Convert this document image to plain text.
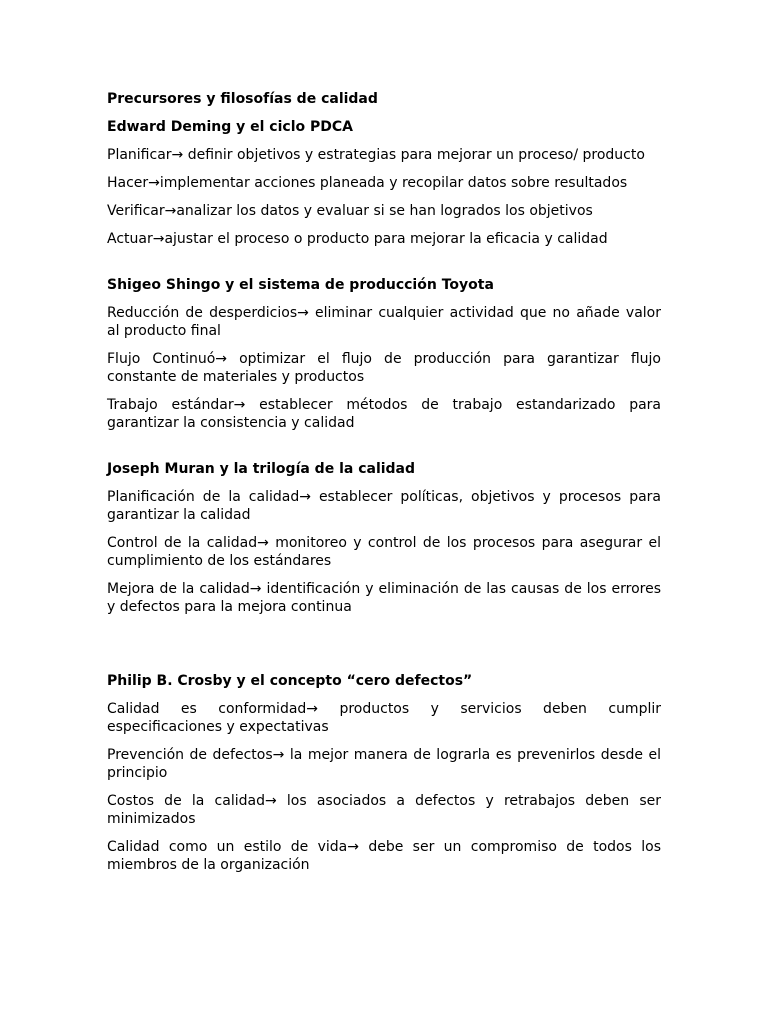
Precursores y filosofías de calidad
Edward Deming y el ciclo PDCA
Planificar→ definir objetivos y estrategias para mejorar un proceso/ producto
Hacer→implementar acciones planeada y recopilar datos sobre resultados
Verificar→analizar los datos y evaluar si se han logrados los objetivos
Actuar→ajustar el proceso o producto para mejorar la eficacia y calidad
Shigeo Shingo y el sistema de producción Toyota
Reducción de desperdicios→ eliminar cualquier actividad que no añade valor al producto final
Flujo Continuó→ optimizar el flujo de producción para garantizar flujo constante de materiales y productos
Trabajo estándar→ establecer métodos de trabajo estandarizado para garantizar la consistencia y calidad
Joseph Muran y la trilogía de la calidad
Planificación de la calidad→ establecer políticas, objetivos y procesos para garantizar la calidad
Control de la calidad→ monitoreo y control de los procesos para asegurar el cumplimiento de los estándares
Mejora de la calidad→ identificación y eliminación de las causas de los errores y defectos para la mejora continua
Philip B. Crosby y el concepto “cero defectos”
Calidad es conformidad→ productos y servicios deben cumplir especificaciones y expectativas
Prevención de defectos→ la mejor manera de lograrla es prevenirlos desde el principio
Costos de la calidad→ los asociados a defectos y retrabajos deben ser minimizados
Calidad como un estilo de vida→ debe ser un compromiso de todos los miembros de la organización
